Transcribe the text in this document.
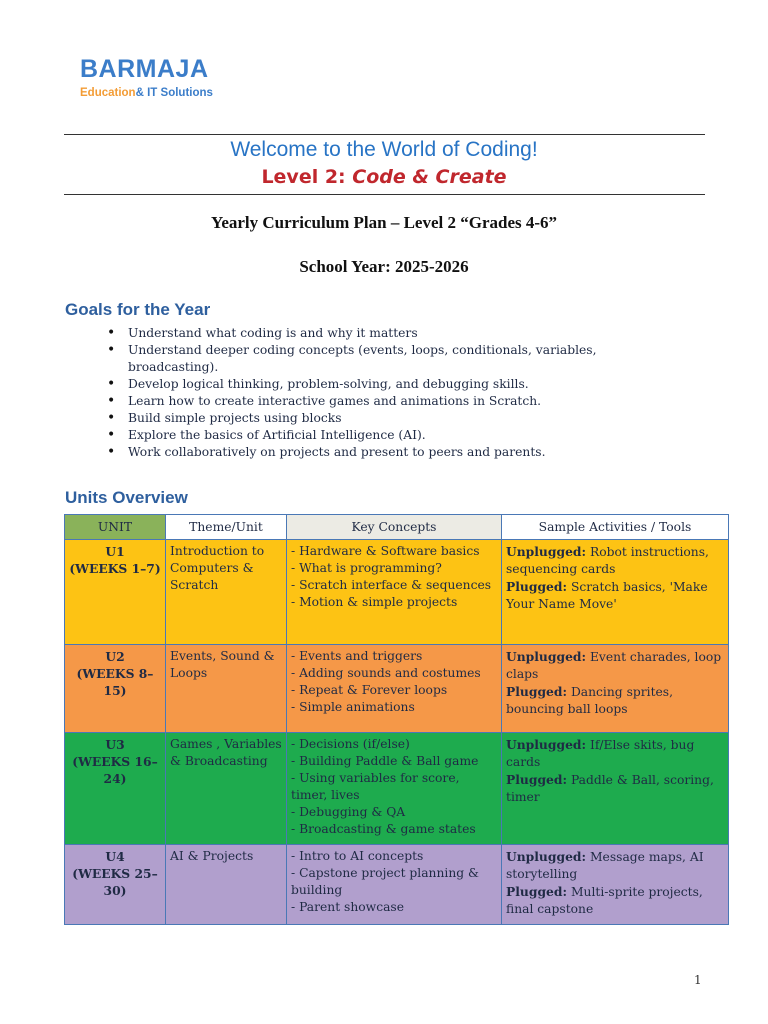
BARMAJA
Education& IT Solutions
Welcome to the World of Coding!
Level 2: Code & Create
Yearly Curriculum Plan – Level 2 “Grades 4-6”
School Year: 2025-2026
Goals for the Year
• Understand what coding is and why it matters
• Understand deeper coding concepts (events, loops, conditionals, variables, broadcasting).
• Develop logical thinking, problem-solving, and debugging skills.
• Learn how to create interactive games and animations in Scratch.
• Build simple projects using blocks
• Explore the basics of Artificial Intelligence (AI).
• Work collaboratively on projects and present to peers and parents.
Units Overview
UNIT	Theme/Unit	Key Concepts	Sample Activities / Tools

U1
(WEEKS 1–7)	Introduction to Computers & Scratch	- Hardware & Software basics
- What is programming?
- Scratch interface & sequences
- Motion & simple projects	Unplugged: Robot instructions, sequencing cards
Plugged: Scratch basics, 'Make Your Name Move'

U2
(WEEKS 8–15)	Events, Sound & Loops	- Events and triggers
- Adding sounds and costumes
- Repeat & Forever loops
- Simple animations	Unplugged: Event charades, loop claps
Plugged: Dancing sprites, bouncing ball loops

U3
(WEEKS 16–24)	Games , Variables & Broadcasting	- Decisions (if/else)
- Building Paddle & Ball game
- Using variables for score, timer, lives
- Debugging & QA
- Broadcasting & game states	Unplugged: If/Else skits, bug cards
Plugged: Paddle & Ball, scoring, timer

U4
(WEEKS 25–30)	AI & Projects	- Intro to AI concepts
- Capstone project planning & building
- Parent showcase	Unplugged: Message maps, AI storytelling
Plugged: Multi-sprite projects, final capstone
1
